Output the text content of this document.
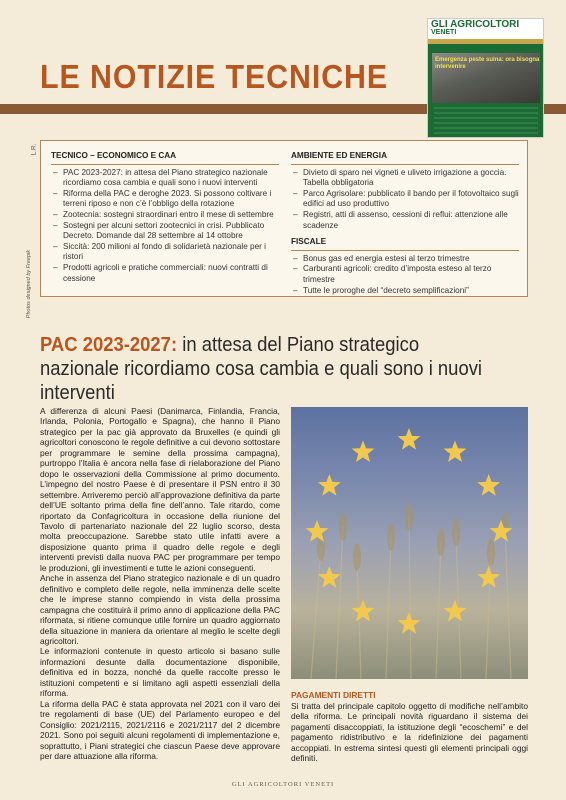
LE NOTIZIE TECNICHE
GLI AGRICOLTORI
VENETI
Emergenza peste suina: ora bisogna intervenire
Photos designed by Freepik
L.R.
TECNICO – ECONOMICO E CAA
– PAC 2023-2027: in attesa del Piano strategico nazionale ricordiamo cosa cambia e quali sono i nuovi interventi
– Riforma della PAC e deroghe 2023. Si possono coltivare i terreni riposo e non c’è l’obbligo della rotazione
– Zootecnia: sostegni straordinari entro il mese di settembre
– Sostegni per alcuni settori zootecnici in crisi. Pubblicato Decreto. Domande dal 28 settembre al 14 ottobre
– Siccità: 200 milioni al fondo di solidarietà nazionale per i ristori
– Prodotti agricoli e pratiche commerciali: nuovi contratti di cessione
AMBIENTE ED ENERGIA
– Divieto di sparo nei vigneti e uliveto irrigazione a goccia. Tabella obbligatoria
– Parco Agrisolare: pubblicato il bando per il fotovoltaico sugli edifici ad uso produttivo
– Registri, atti di assenso, cessioni di reflui: attenzione alle scadenze
FISCALE
– Bonus gas ed energia estesi al terzo trimestre
– Carburanti agricoli: credito d’imposta esteso al terzo trimestre
– Tutte le proroghe del “decreto semplificazioni”
PAC 2023-2027: in attesa del Piano strategico nazionale ricordiamo cosa cambia e quali sono i nuovi interventi

A differenza di alcuni Paesi (Danimarca, Finlandia, Francia, Irlanda, Polonia, Portogallo e Spagna), che hanno il Piano strategico per la pac già approvato da Bruxelles (e quindi gli agricoltori conoscono le regole definitive a cui devono sottostare per programmare le semine della prossima campagna), purtroppo l’Italia è ancora nella fase di rielaborazione del Piano dopo le osservazioni della Commissione al primo documento. L’impegno del nostro Paese è di presentare il PSN entro il 30 settembre. Arriveremo perciò all’approvazione definitiva da parte dell’UE soltanto prima della fine dell’anno. Tale ritardo, come riportato da Confagricoltura in occasione della riunione del Tavolo di partenariato nazionale del 22 luglio scorso, desta molta preoccupazione. Sarebbe stato utile infatti avere a disposizione quanto prima il quadro delle regole e degli interventi previsti dalla nuova PAC per programmare per tempo le produzioni, gli investimenti e tutte le azioni conseguenti.

Anche in assenza del Piano strategico nazionale e di un quadro definitivo e completo delle regole, nella imminenza delle scelte che le imprese stanno compiendo in vista della prossima campagna che costituirà il primo anno di applicazione della PAC riformata, si ritiene comunque utile fornire un quadro aggiornato della situazione in maniera da orientare al meglio le scelte degli agricoltori.

Le informazioni contenute in questo articolo si basano sulle informazioni desunte dalla documentazione disponibile, definitiva ed in bozza, nonché da quelle raccolte presso le istituzioni competenti e si limitano agli aspetti essenziali della riforma.

La riforma della PAC è stata approvata nel 2021 con il varo dei tre regolamenti di base (UE) del Parlamento europeo e del Consiglio: 2021/2115, 2021/2116 e 2021/2117 del 2 dicembre 2021. Sono poi seguiti alcuni regolamenti di implementazione e, soprattutto, i Piani strategici che ciascun Paese deve approvare per dare attuazione alla riforma.

PAGAMENTI DIRETTI
Si tratta del principale capitolo oggetto di modifiche nell’ambito della riforma. Le principali novità riguardano il sistema dei pagamenti disaccoppiati, la istituzione degli “ecoschemi” e del pagamento ridistributivo e la ridefinizione dei pagamenti accoppiati. In estrema sintesi questi gli elementi principali oggi definiti.
GLI AGRICOLTORI VENETI
